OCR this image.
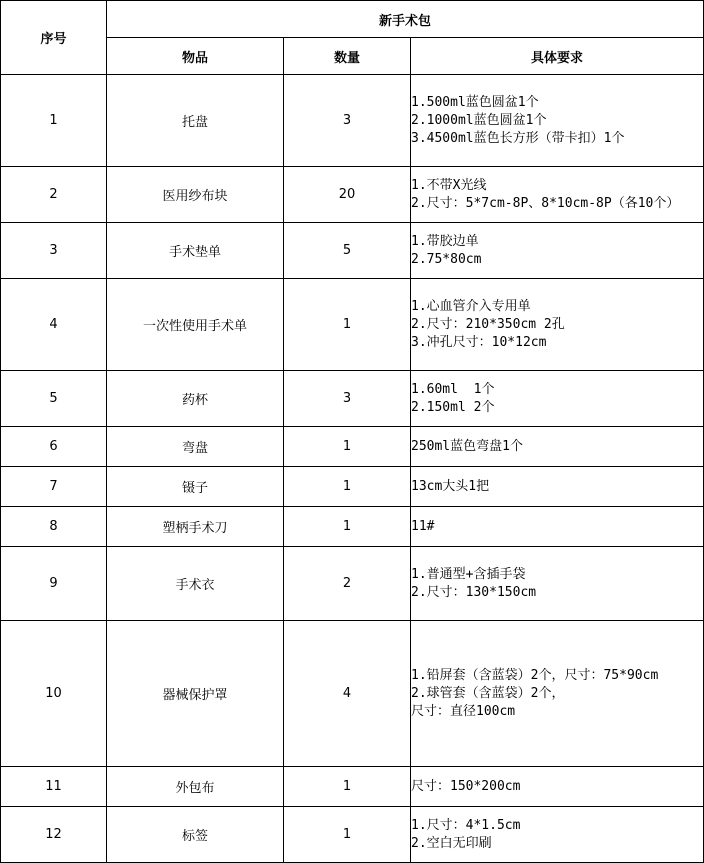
序号	新手术包		
	物品	数量	具体要求
1	托盘	3	1.500ml蓝色圆盆1个
2.1000ml蓝色圆盆1个
3.4500ml蓝色长方形（带卡扣）1个

2	医用纱布块	20	1.不带X光线
2.尺寸：5*7cm-8P、8*10cm-8P（各10个）

3	手术垫单	5	1.带胶边单
2.75*80cm

4	一次性使用手术单	1	1.心血管介入专用单
2.尺寸：210*350cm 2孔
3.冲孔尺寸：10*12cm

5	药杯	3	1.60ml  1个
2.150ml 2个

6	弯盘	1	250ml蓝色弯盘1个

7	镊子	1	13cm大头1把

8	塑柄手术刀	1	11#

9	手术衣	2	1.普通型+含插手袋
2.尺寸：130*150cm

10	器械保护罩	4	1.铅屏套（含蓝袋）2个，尺寸：75*90cm
2.球管套（含蓝袋）2个，
尺寸：直径100cm

11	外包布	1	尺寸：150*200cm

12	标签	1	1.尺寸：4*1.5cm
2.空白无印刷
